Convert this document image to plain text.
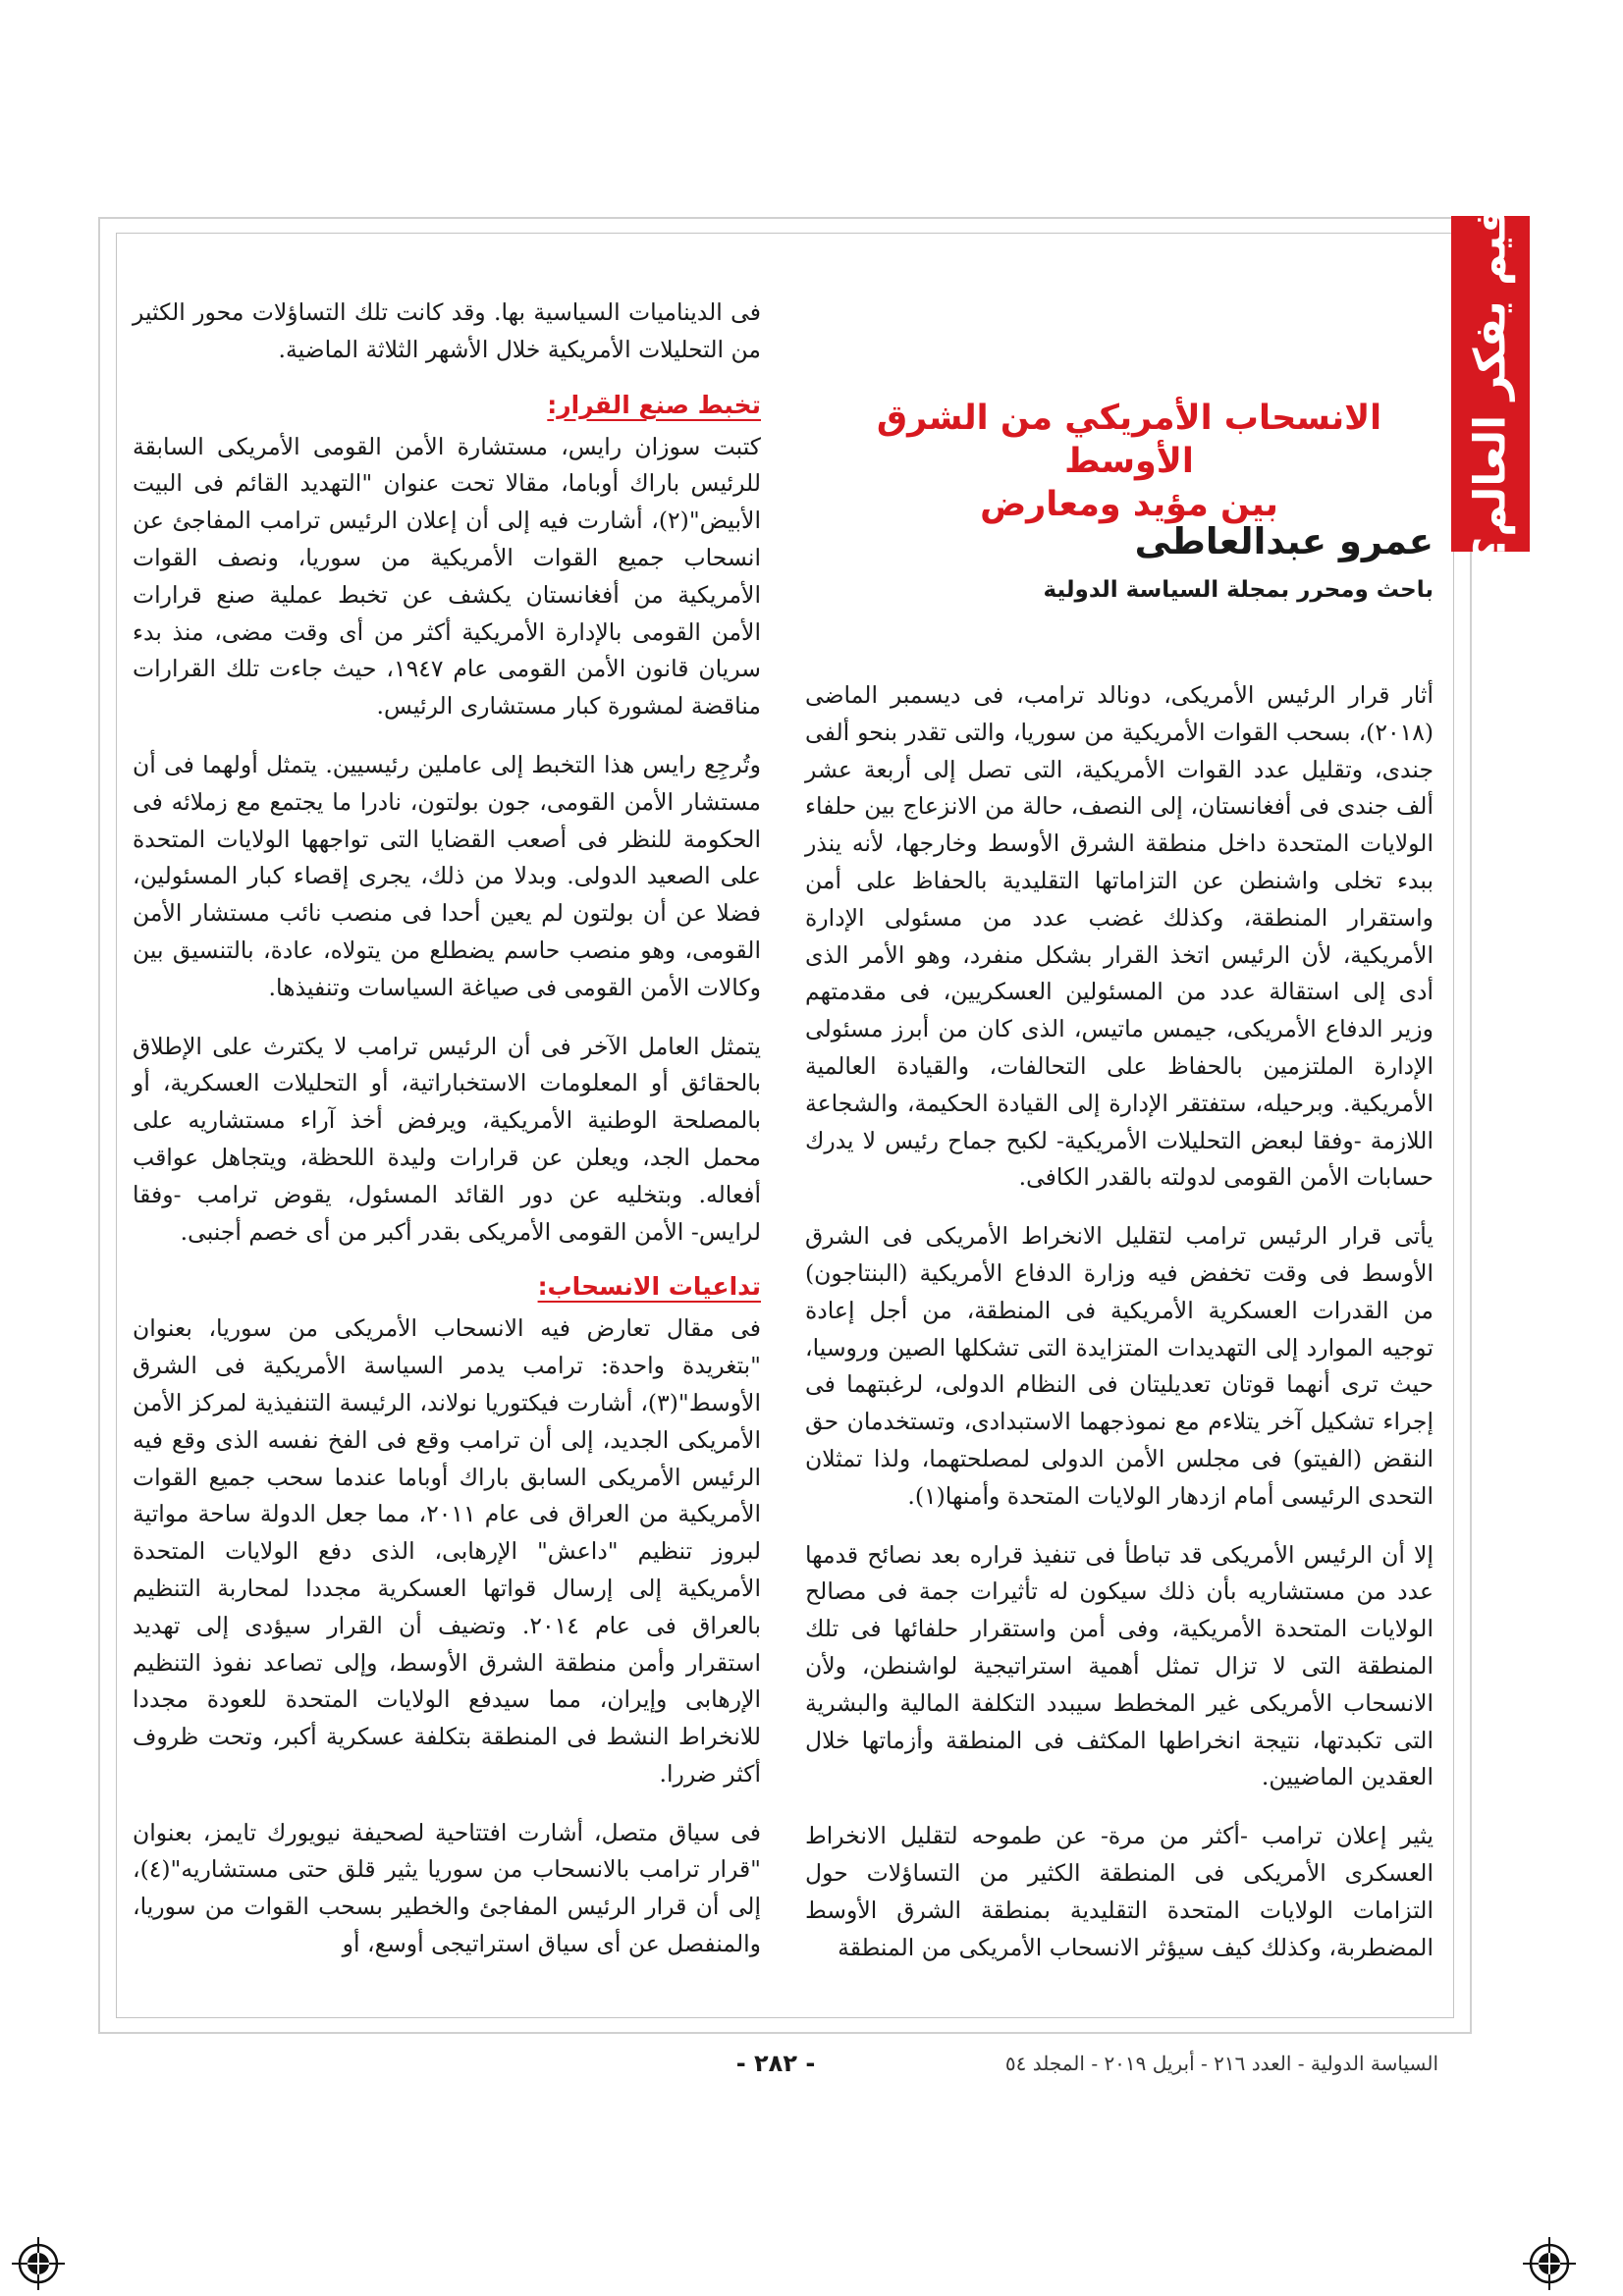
فيم يفكر العالم؟
الانسحاب الأمريكي من الشرق الأوسط
بين مؤيد ومعارض
عمرو عبدالعاطى
باحث ومحرر بمجلة السياسة الدولية

أثار قرار الرئيس الأمريكى، دونالد ترامب، فى ديسمبر الماضى (٢٠١٨)، بسحب القوات الأمريكية من سوريا، والتى تقدر بنحو ألفى جندى، وتقليل عدد القوات الأمريكية، التى تصل إلى أربعة عشر ألف جندى فى أفغانستان، إلى النصف، حالة من الانزعاج بين حلفاء الولايات المتحدة داخل منطقة الشرق الأوسط وخارجها، لأنه ينذر ببدء تخلى واشنطن عن التزاماتها التقليدية بالحفاظ على أمن واستقرار المنطقة، وكذلك غضب عدد من مسئولى الإدارة الأمريكية، لأن الرئيس اتخذ القرار بشكل منفرد، وهو الأمر الذى أدى إلى استقالة عدد من المسئولين العسكريين، فى مقدمتهم وزير الدفاع الأمريكى، جيمس ماتيس، الذى كان من أبرز مسئولى الإدارة الملتزمين بالحفاظ على التحالفات، والقيادة العالمية الأمريكية. وبرحيله، ستفتقر الإدارة إلى القيادة الحكيمة، والشجاعة اللازمة -وفقا لبعض التحليلات الأمريكية- لكبح جماح رئيس لا يدرك حسابات الأمن القومى لدولته بالقدر الكافى.

يأتى قرار الرئيس ترامب لتقليل الانخراط الأمريكى فى الشرق الأوسط فى وقت تخفض فيه وزارة الدفاع الأمريكية (البنتاجون) من القدرات العسكرية الأمريكية فى المنطقة، من أجل إعادة توجيه الموارد إلى التهديدات المتزايدة التى تشكلها الصين وروسيا، حيث ترى أنهما قوتان تعديليتان فى النظام الدولى، لرغبتهما فى إجراء تشكيل آخر يتلاءم مع نموذجهما الاستبدادى، وتستخدمان حق النقض (الفيتو) فى مجلس الأمن الدولى لمصلحتهما، ولذا تمثلان التحدى الرئيسى أمام ازدهار الولايات المتحدة وأمنها(١).

إلا أن الرئيس الأمريكى قد تباطأ فى تنفيذ قراره بعد نصائح قدمها عدد من مستشاريه بأن ذلك سيكون له تأثيرات جمة فى مصالح الولايات المتحدة الأمريكية، وفى أمن واستقرار حلفائها فى تلك المنطقة التى لا تزال تمثل أهمية استراتيجية لواشنطن، ولأن الانسحاب الأمريكى غير المخطط سيبدد التكلفة المالية والبشرية التى تكبدتها، نتيجة انخراطها المكثف فى المنطقة وأزماتها خلال العقدين الماضيين.

يثير إعلان ترامب -أكثر من مرة- عن طموحه لتقليل الانخراط العسكرى الأمريكى فى المنطقة الكثير من التساؤلات حول التزامات الولايات المتحدة التقليدية بمنطقة الشرق الأوسط المضطربة، وكذلك كيف سيؤثر الانسحاب الأمريكى من المنطقة

فى الديناميات السياسية بها. وقد كانت تلك التساؤلات محور الكثير من التحليلات الأمريكية خلال الأشهر الثلاثة الماضية.

تخبط صنع القرار:

كتبت سوزان رايس، مستشارة الأمن القومى الأمريكى السابقة للرئيس باراك أوباما، مقالا تحت عنوان "التهديد القائم فى البيت الأبيض"(٢)، أشارت فيه إلى أن إعلان الرئيس ترامب المفاجئ عن انسحاب جميع القوات الأمريكية من سوريا، ونصف القوات الأمريكية من أفغانستان يكشف عن تخبط عملية صنع قرارات الأمن القومى بالإدارة الأمريكية أكثر من أى وقت مضى، منذ بدء سريان قانون الأمن القومى عام ١٩٤٧، حيث جاءت تلك القرارات مناقضة لمشورة كبار مستشارى الرئيس.

وتُرجِع رايس هذا التخبط إلى عاملين رئيسيين. يتمثل أولهما فى أن مستشار الأمن القومى، جون بولتون، نادرا ما يجتمع مع زملائه فى الحكومة للنظر فى أصعب القضايا التى تواجهها الولايات المتحدة على الصعيد الدولى. وبدلا من ذلك، يجرى إقصاء كبار المسئولين، فضلا عن أن بولتون لم يعين أحدا فى منصب نائب مستشار الأمن القومى، وهو منصب حاسم يضطلع من يتولاه، عادة، بالتنسيق بين وكالات الأمن القومى فى صياغة السياسات وتنفيذها.

يتمثل العامل الآخر فى أن الرئيس ترامب لا يكترث على الإطلاق بالحقائق أو المعلومات الاستخباراتية، أو التحليلات العسكرية، أو بالمصلحة الوطنية الأمريكية، ويرفض أخذ آراء مستشاريه على محمل الجد، ويعلن عن قرارات وليدة اللحظة، ويتجاهل عواقب أفعاله. وبتخليه عن دور القائد المسئول، يقوض ترامب -وفقا لرايس- الأمن القومى الأمريكى بقدر أكبر من أى خصم أجنبى.

تداعيات الانسحاب:

فى مقال تعارض فيه الانسحاب الأمريكى من سوريا، بعنوان "بتغريدة واحدة: ترامب يدمر السياسة الأمريكية فى الشرق الأوسط"(٣)، أشارت فيكتوريا نولاند، الرئيسة التنفيذية لمركز الأمن الأمريكى الجديد، إلى أن ترامب وقع فى الفخ نفسه الذى وقع فيه الرئيس الأمريكى السابق باراك أوباما عندما سحب جميع القوات الأمريكية من العراق فى عام ٢٠١١، مما جعل الدولة ساحة مواتية لبروز تنظيم "داعش" الإرهابى، الذى دفع الولايات المتحدة الأمريكية إلى إرسال قواتها العسكرية مجددا لمحاربة التنظيم بالعراق فى عام ٢٠١٤. وتضيف أن القرار سيؤدى إلى تهديد استقرار وأمن منطقة الشرق الأوسط، وإلى تصاعد نفوذ التنظيم الإرهابى وإيران، مما سيدفع الولايات المتحدة للعودة مجددا للانخراط النشط فى المنطقة بتكلفة عسكرية أكبر، وتحت ظروف أكثر ضررا.

فى سياق متصل، أشارت افتتاحية لصحيفة نيويورك تايمز، بعنوان "قرار ترامب بالانسحاب من سوريا يثير قلق حتى مستشاريه"(٤)، إلى أن قرار الرئيس المفاجئ والخطير بسحب القوات من سوريا، والمنفصل عن أى سياق استراتيجى أوسع، أو

السياسة الدولية - العدد ٢١٦ - أبريل ٢٠١٩ - المجلد ٥٤
- ٢٨٢ -
